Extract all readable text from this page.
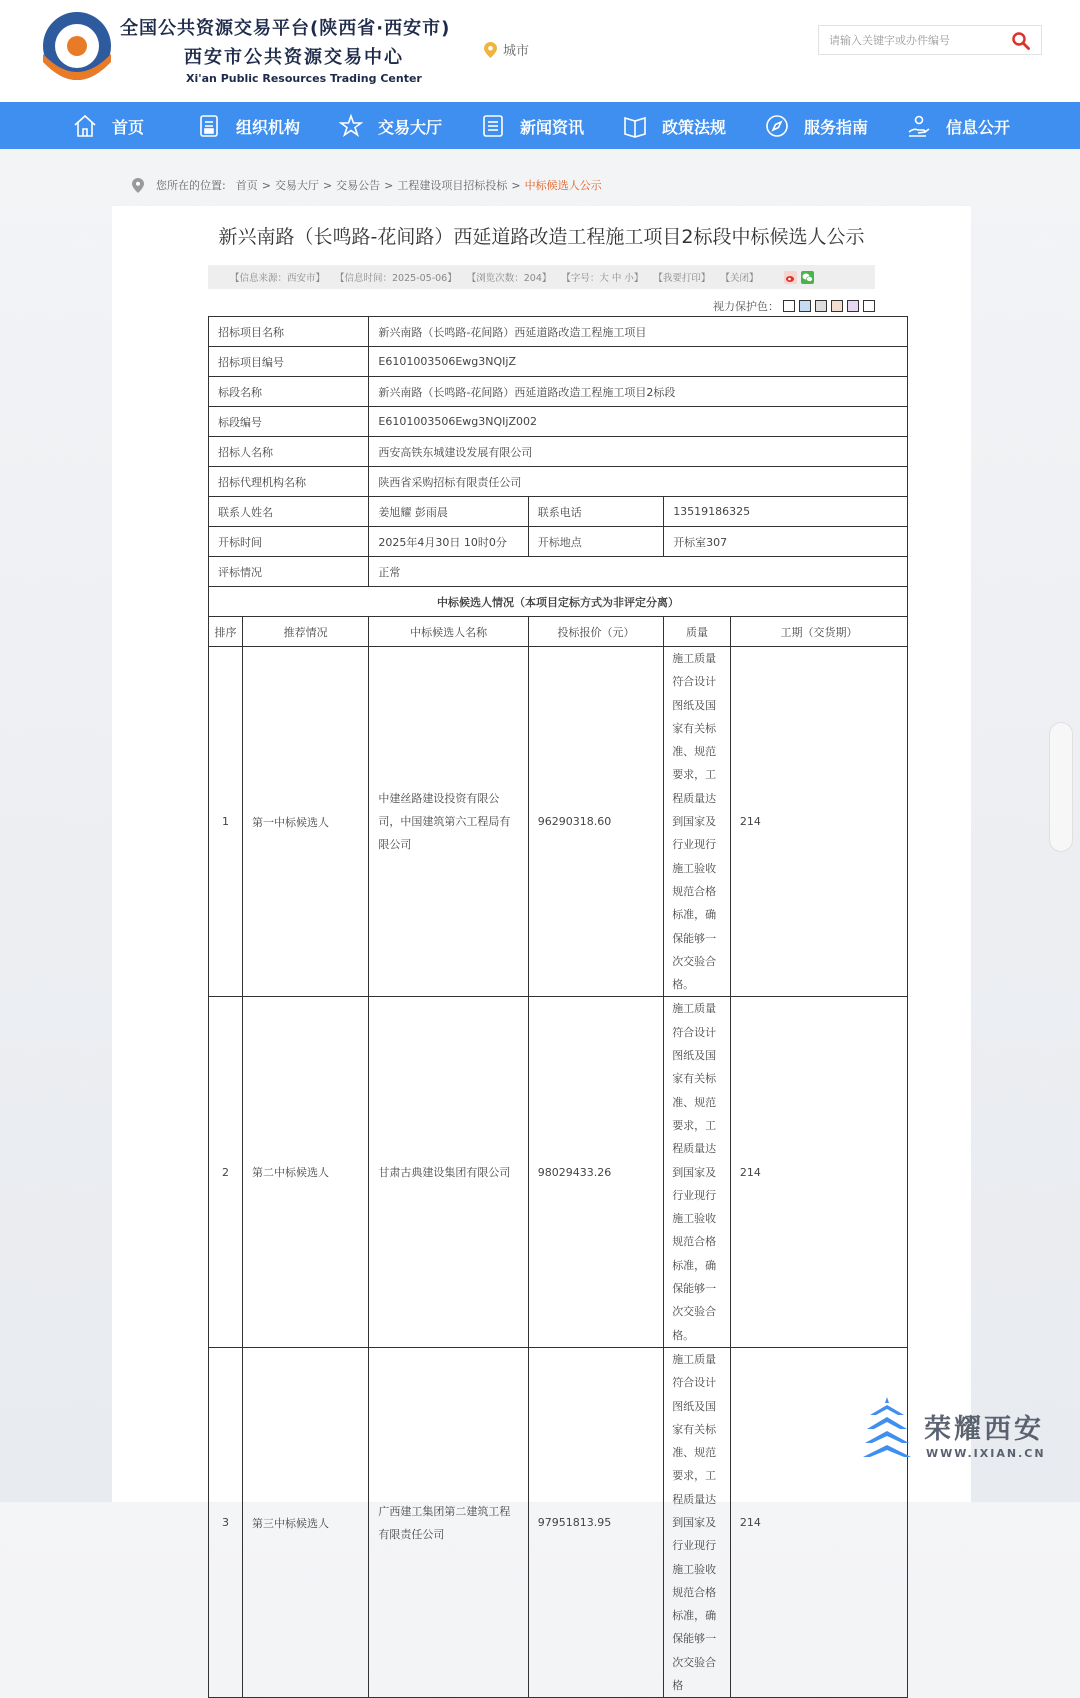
全国公共资源交易平台(陕西省·西安市)
西安市公共资源交易中心
Xi'an Public Resources Trading Center
城市
请输入关键字或办件编号
首页	组织机构	交易大厅	新闻资讯	政策法规	服务指南	信息公开
您所在的位置: 首页 > 交易大厅 > 交易公告 > 工程建设项目招标投标 > 中标候选人公示
新兴南路（长鸣路-花间路）西延道路改造工程施工项目2标段中标候选人公示
【信息来源：西安市】 【信息时间：2025-05-06】 【浏览次数：204】 【字号：大 中 小】 【我要打印】 【关闭】
视力保护色：
招标项目名称		新兴南路（长鸣路-花间路）西延道路改造工程施工项目			
招标项目编号		E6101003506Ewg3NQIjZ			
标段名称		新兴南路（长鸣路-花间路）西延道路改造工程施工项目2标段			
标段编号		E6101003506Ewg3NQIjZ002			
招标人名称		西安高铁东城建设发展有限公司			
招标代理机构名称		陕西省采购招标有限责任公司			
联系人姓名		姜旭耀 彭雨晨	联系电话	13519186325	
开标时间		2025年4月30日 10时0分	开标地点	开标室307	
评标情况		正常			
中标候选人情况（本项目定标方式为非评定分离）					
排序	推荐情况	中标候选人名称	投标报价（元）	质量	工期（交货期）
1	第一中标候选人	中建丝路建设投资有限公司，中国建筑第六工程局有限公司	96290318.60	施工质量符合设计图纸及国家有关标准、规范要求，工程质量达到国家及行业现行施工验收规范合格标准，确保能够一次交验合格。	214
2	第二中标候选人	甘肃古典建设集团有限公司	98029433.26	施工质量符合设计图纸及国家有关标准、规范要求，工程质量达到国家及行业现行施工验收规范合格标准，确保能够一次交验合格。	214
3	第三中标候选人	广西建工集团第二建筑工程有限责任公司	97951813.95	施工质量符合设计图纸及国家有关标准、规范要求，工程质量达到国家及行业现行施工验收规范合格标准，确保能够一次交验合格	214
荣耀西安
WWW.IXIAN.CN
